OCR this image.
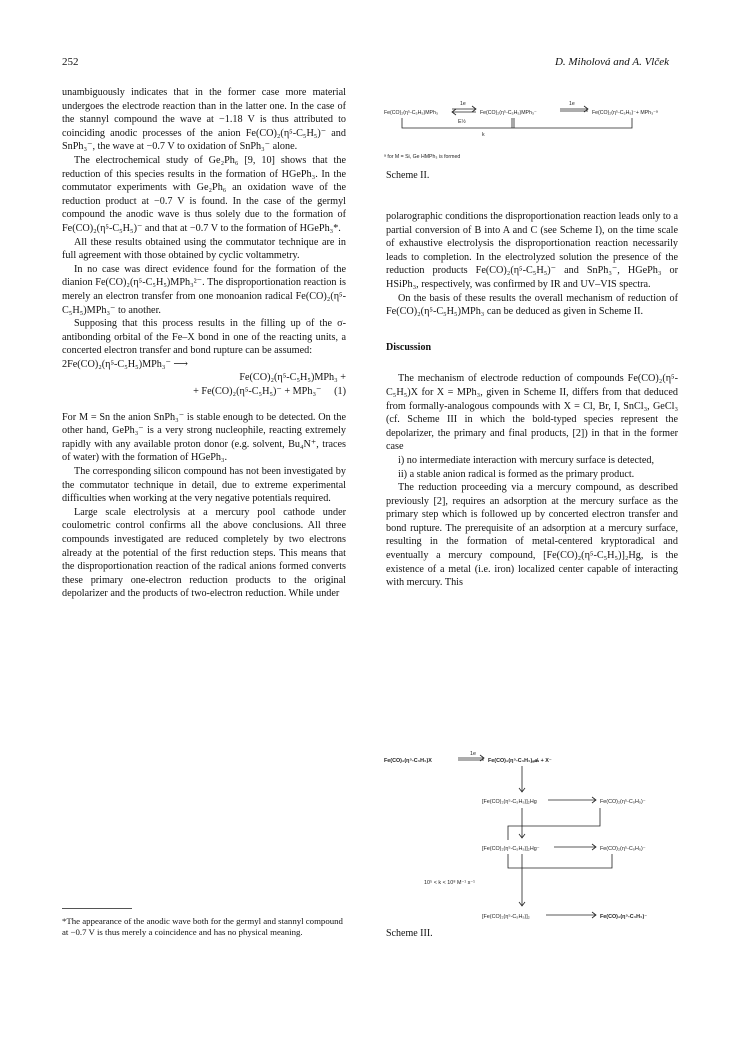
252	D. Miholová and A. Vlček

unambiguously indicates that in the former case more material undergoes the electrode reaction than in the latter one. In the case of the stannyl compound the wave at −1.18 V is thus attributed to coinciding anodic processes of the anion Fe(CO)₂(η⁵-C₅H₅)⁻ and SnPh₃⁻, the wave at −0.7 V to oxidation of SnPh₃⁻ alone.

The electrochemical study of Ge₂Ph₆ [9, 10] shows that the reduction of this species results in the formation of HGePh₃. In the commutator experiments with Ge₂Ph₆ an oxidation wave of the reduction product at −0.7 V is found. In the case of the germyl compound the anodic wave is thus solely due to the formation of Fe(CO)₂(η⁵-C₅H₅)⁻ and that at −0.7 V to the formation of HGePh₃*.

All these results obtained using the commutator technique are in full agreement with those obtained by cyclic voltammetry.

In no case was direct evidence found for the formation of the dianion Fe(CO)₂(η⁵-C₅H₅)MPh₃²⁻. The disproportionation reaction is merely an electron transfer from one monoanion radical Fe(CO)₂(η⁵-C₅H₅)MPh₃⁻ to another.

Supposing that this process results in the filling up of the σ-antibonding orbital of the Fe–X bond in one of the reacting units, a concerted electron transfer and bond rupture can be assumed:

2Fe(CO)₂(η⁵-C₅H₅)MPh₃⁻ ⟶

Fe(CO)₂(η⁵-C₅H₅)MPh₃ +

+ Fe(CO)₂(η⁵-C₅H₅)⁻ + MPh₃⁻ (1)

For M = Sn the anion SnPh₃⁻ is stable enough to be detected. On the other hand, GePh₃⁻ is a very strong nucleophile, reacting extremely rapidly with any available proton donor (e.g. solvent, Bu₄N⁺, traces of water) with the formation of HGePh₃.

The corresponding silicon compound has not been investigated by the commutator technique in detail, due to extreme experimental difficulties when working at the very negative potentials required.

Large scale electrolysis at a mercury pool cathode under coulometric control confirms all the above conclusions. All three compounds investigated are reduced completely by two electrons already at the potential of the first reduction steps. This means that the disproportionation reaction of the radical anions formed converts these primary one-electron reduction products to the original depolarizer and the products of two-electron reduction. While under

*The appearance of the anodic wave both for the germyl and stannyl compound at −0.7 V is thus merely a coincidence and has no physical meaning.
Fe(CO)₂(η⁵-C₅H₅)MPh₃	Fe(CO)₂(η⁵-C₅H₅)MPh₃⁻	Fe(CO)₂(η⁵-C₅H₅)⁻+ MPh₃⁻ᵃ
1e
E½
1e
k
ᵃ for M = Si, Ge HMPh₃ is formed
Scheme II.

polarographic conditions the disproportionation reaction leads only to a partial conversion of B into A and C (see Scheme I), on the time scale of exhaustive electrolysis the disproportionation reaction necessarily leads to completion. In the electrolyzed solution the presence of the reduction products Fe(CO)₂(η⁵-C₅H₅)⁻ and SnPh₃⁻, HGePh₃ or HSiPh₃, respectively, was confirmed by IR and UV–VIS spectra.

On the basis of these results the overall mechanism of reduction of Fe(CO)₂(η⁵-C₅H₅)MPh₃ can be deduced as given in Scheme II.

Discussion

The mechanism of electrode reduction of compounds Fe(CO)₂(η⁵-C₅H₅)X for X = MPh₃, given in Scheme II, differs from that deduced from formally-analogous compounds with X = Cl, Br, I, SnCl₃, GeCl₃ (cf. Scheme III in which the bold-typed species represent the depolarizer, the primary and final products, [2]) in that in the former case

i) no intermediate interaction with mercury surface is detected,

ii) a stable anion radical is formed as the primary product.

The reduction proceeding via a mercury compound, as described previously [2], requires an adsorption at the mercury surface as the primary step which is followed up by concerted electron transfer and bond rupture. The prerequisite of an adsorption at a mercury surface, resulting in the formation of metal-centered kryptoradical and eventually a mercury compound, [Fe(CO)₂(η⁵-C₅H₅)]₂Hg, is the existence of a metal (i.e. iron) localized center capable of interacting with mercury. This

Fe(CO)₂(η⁵-C₅H₅)X
1e
Fe(CO)₂(η⁵-C₅H₅)ₐ𝒹ₛ + X⁻
[Fe(CO)₂(η⁵-C₅H₅)]₂Hg	Fe(CO)₂(η⁵-C₅H₅)⁻
[Fe(CO)₂(η⁵-C₅H₅)]₂Hg⁻	Fe(CO)₂(η⁵-C₅H₅)⁻
10⁵ < k < 10⁸ M⁻¹ s⁻¹
[Fe(CO)₂(η⁵-C₅H₅)]₂	Fe(CO)₂(η⁵-C₅H₅)⁻
Scheme III.
